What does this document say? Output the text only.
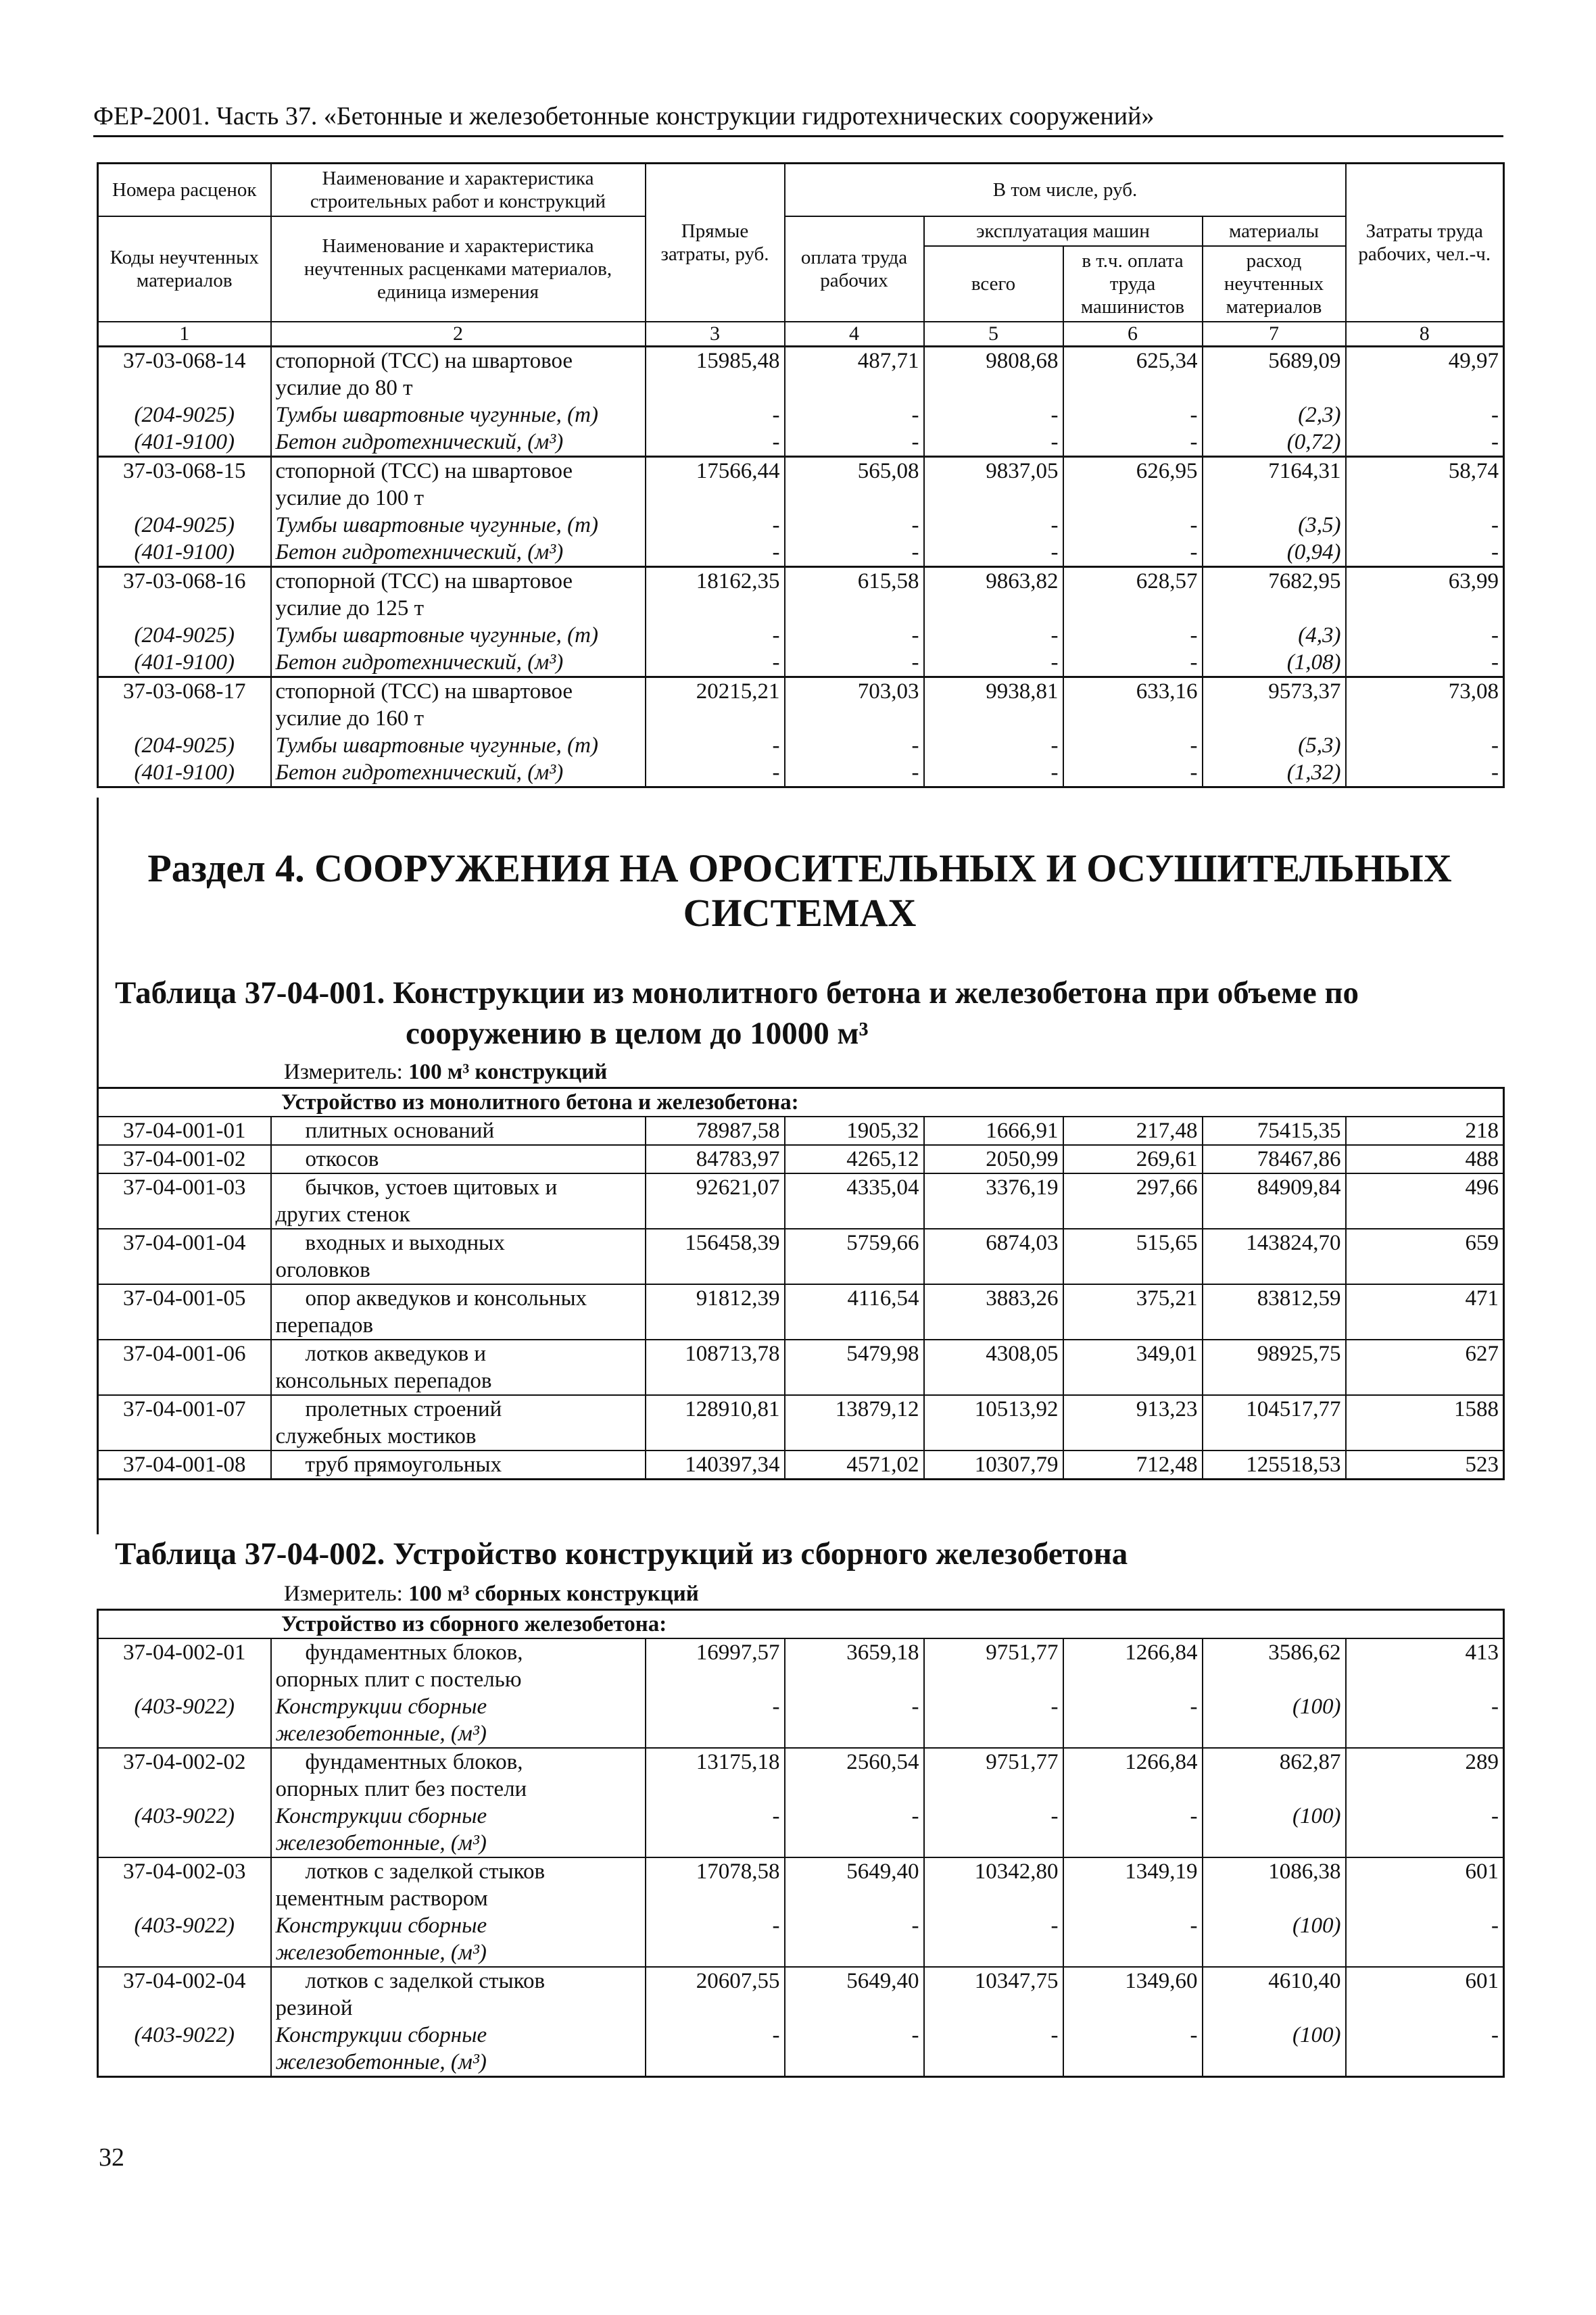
ФЕР-2001. Часть 37. «Бетонные и железобетонные конструкции гидротехнических сооружений»
Номера расценок	Наименование и характеристика строительных работ и конструкций	Прямые затраты, руб.	В том числе, руб.				Затраты труда рабочих, чел.-ч.
Коды неучтенных материалов	Наименование и характеристика неучтенных расценками материалов, единица измерения		оплата труда рабочих	эксплуатация машин		материалы	
				всего	в т.ч. оплата труда машинистов	расход неучтенных материалов	
1	2	3	4	5	6	7	8
37-03-068-14	стопорной (ТСС) на швартовое	15985,48	487,71	9808,68	625,34	5689,09	49,97
	усилие до 80 т						
(204-9025)	Тумбы швартовные чугунные, (т)	-	-	-	-	(2,3)	-
(401-9100)	Бетон гидротехнический, (м³)	-	-	-	-	(0,72)	-
37-03-068-15	стопорной (ТСС) на швартовое	17566,44	565,08	9837,05	626,95	7164,31	58,74
	усилие до 100 т						
(204-9025)	Тумбы швартовные чугунные, (т)	-	-	-	-	(3,5)	-
(401-9100)	Бетон гидротехнический, (м³)	-	-	-	-	(0,94)	-
37-03-068-16	стопорной (ТСС) на швартовое	18162,35	615,58	9863,82	628,57	7682,95	63,99
	усилие до 125 т						
(204-9025)	Тумбы швартовные чугунные, (т)	-	-	-	-	(4,3)	-
(401-9100)	Бетон гидротехнический, (м³)	-	-	-	-	(1,08)	-
37-03-068-17	стопорной (ТСС) на швартовое	20215,21	703,03	9938,81	633,16	9573,37	73,08
	усилие до 160 т						
(204-9025)	Тумбы швартовные чугунные, (т)	-	-	-	-	(5,3)	-
(401-9100)	Бетон гидротехнический, (м³)	-	-	-	-	(1,32)	-
Раздел 4. СООРУЖЕНИЯ НА ОРОСИТЕЛЬНЫХ И ОСУШИТЕЛЬНЫХ
СИСТЕМАХ
Таблица 37-04-001. Конструкции из монолитного бетона и железобетона при объеме по
сооружению в целом до 10000 м³
Измеритель: 100 м³ конструкций
Устройство из монолитного бетона и железобетона:							
37-04-001-01	плитных оснований	78987,58	1905,32	1666,91	217,48	75415,35	218
37-04-001-02	откосов	84783,97	4265,12	2050,99	269,61	78467,86	488
37-04-001-03	бычков, устоев щитовых и	92621,07	4335,04	3376,19	297,66	84909,84	496
	других стенок						
37-04-001-04	входных и выходных	156458,39	5759,66	6874,03	515,65	143824,70	659
	оголовков						
37-04-001-05	опор акведуков и консольных	91812,39	4116,54	3883,26	375,21	83812,59	471
	перепадов						
37-04-001-06	лотков акведуков и	108713,78	5479,98	4308,05	349,01	98925,75	627
	консольных перепадов						
37-04-001-07	пролетных строений	128910,81	13879,12	10513,92	913,23	104517,77	1588
	служебных мостиков						
37-04-001-08	труб прямоугольных	140397,34	4571,02	10307,79	712,48	125518,53	523
Таблица 37-04-002. Устройство конструкций из сборного железобетона
Измеритель: 100 м³ сборных конструкций
Устройство из сборного железобетона:							
37-04-002-01	фундаментных блоков,	16997,57	3659,18	9751,77	1266,84	3586,62	413
	опорных плит с постелью						
(403-9022)	Конструкции сборные	-	-	-	-	(100)	-
	железобетонные, (м³)						
37-04-002-02	фундаментных блоков,	13175,18	2560,54	9751,77	1266,84	862,87	289
	опорных плит без постели						
(403-9022)	Конструкции сборные	-	-	-	-	(100)	-
	железобетонные, (м³)						
37-04-002-03	лотков с заделкой стыков	17078,58	5649,40	10342,80	1349,19	1086,38	601
	цементным раствором						
(403-9022)	Конструкции сборные	-	-	-	-	(100)	-
	железобетонные, (м³)						
37-04-002-04	лотков с заделкой стыков	20607,55	5649,40	10347,75	1349,60	4610,40	601
	резиной						
(403-9022)	Конструкции сборные	-	-	-	-	(100)	-
	железобетонные, (м³)						
32
